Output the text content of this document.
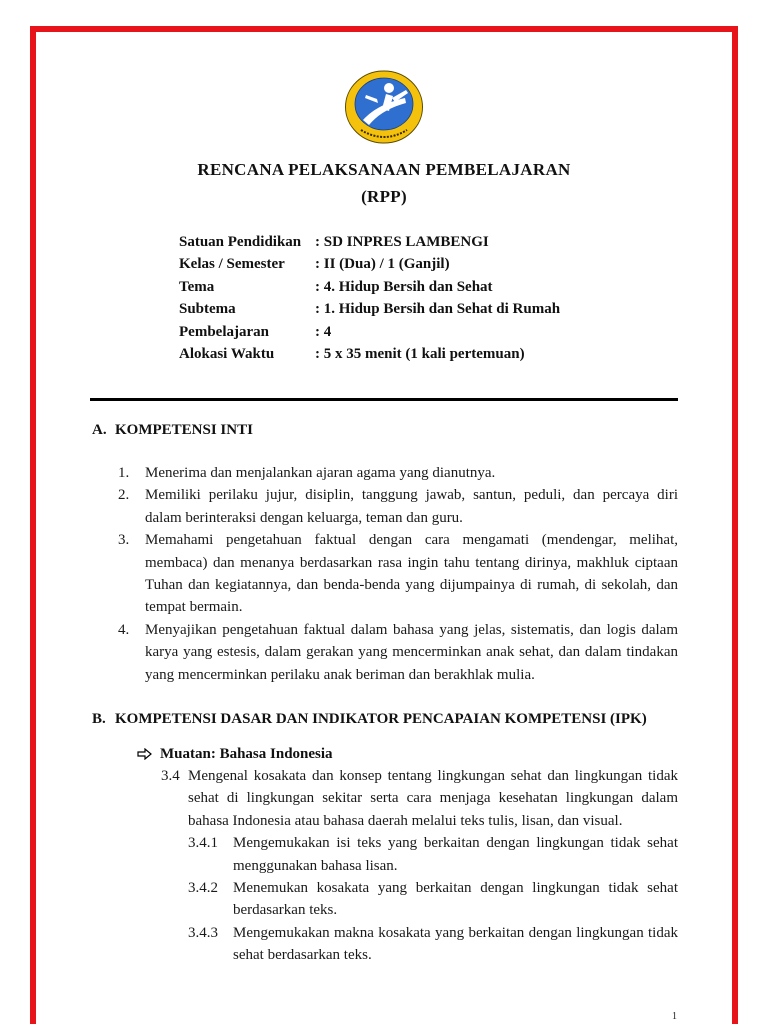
RENCANA PELAKSANAAN PEMBELAJARAN
(RPP)
Satuan Pendidikan : SD INPRES LAMBENGI
Kelas / Semester : II (Dua) / 1 (Ganjil)
Tema	: 4. Hidup Bersih dan Sehat
Subtema	: 1. Hidup Bersih dan Sehat di Rumah
Pembelajaran	: 4
Alokasi Waktu	: 5 x 35 menit (1 kali pertemuan)
A. KOMPETENSI INTI
1. Menerima dan menjalankan ajaran agama yang dianutnya.
2. Memiliki perilaku jujur, disiplin, tanggung jawab, santun, peduli, dan percaya diri
dalam berinteraksi dengan keluarga, teman dan guru.
3. Memahami pengetahuan faktual dengan cara mengamati (mendengar, melihat,
membaca) dan menanya berdasarkan rasa ingin tahu tentang dirinya, makhluk ciptaan
Tuhan dan kegiatannya, dan benda-benda yang dijumpainya di rumah, di sekolah, dan
tempat bermain.
4. Menyajikan pengetahuan faktual dalam bahasa yang jelas, sistematis, dan logis dalam
karya yang estesis, dalam gerakan yang mencerminkan anak sehat, dan dalam tindakan
yang mencerminkan perilaku anak beriman dan berakhlak mulia.
B. KOMPETENSI DASAR DAN INDIKATOR PENCAPAIAN KOMPETENSI (IPK)
Muatan: Bahasa Indonesia
3.4 Mengenal kosakata dan konsep tentang lingkungan sehat dan lingkungan tidak
sehat di lingkungan sekitar serta cara menjaga kesehatan lingkungan dalam
bahasa Indonesia atau bahasa daerah melalui teks tulis, lisan, dan visual.
3.4.1 Mengemukakan isi teks yang berkaitan dengan lingkungan tidak sehat
menggunakan bahasa lisan.
3.4.2 Menemukan kosakata yang berkaitan dengan lingkungan tidak sehat
berdasarkan teks.
3.4.3 Mengemukakan makna kosakata yang berkaitan dengan lingkungan tidak
sehat berdasarkan teks.
1
